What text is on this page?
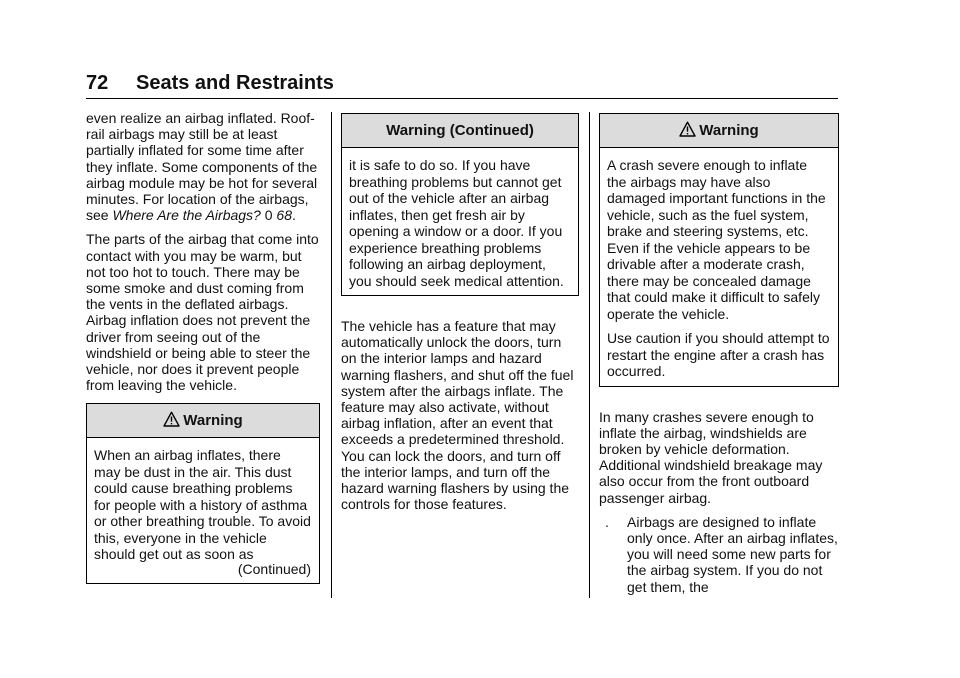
72 Seats and Restraints

even realize an airbag inflated. Roof-rail airbags may still be at least partially inflated for some time after they inflate. Some components of the airbag module may be hot for several minutes. For location of the airbags, see Where Are the Airbags? 0 68.

The parts of the airbag that come into contact with you may be warm, but not too hot to touch. There may be some smoke and dust coming from the vents in the deflated airbags. Airbag inflation does not prevent the driver from seeing out of the windshield or being able to steer the vehicle, nor does it prevent people from leaving the vehicle.

Warning
When an airbag inflates, there may be dust in the air. This dust could cause breathing problems for people with a history of asthma or other breathing trouble. To avoid this, everyone in the vehicle should get out as soon as
(Continued)
Warning (Continued)
it is safe to do so. If you have breathing problems but cannot get out of the vehicle after an airbag inflates, then get fresh air by opening a window or a door. If you experience breathing problems following an airbag deployment, you should seek medical attention.

The vehicle has a feature that may automatically unlock the doors, turn on the interior lamps and hazard warning flashers, and shut off the fuel system after the airbags inflate. The feature may also activate, without airbag inflation, after an event that exceeds a predetermined threshold. You can lock the doors, and turn off the interior lamps, and turn off the hazard warning flashers by using the controls for those features.

Warning

A crash severe enough to inflate the airbags may have also damaged important functions in the vehicle, such as the fuel system, brake and steering systems, etc. Even if the vehicle appears to be drivable after a moderate crash, there may be concealed damage that could make it difficult to safely operate the vehicle.

Use caution if you should attempt to restart the engine after a crash has occurred.

In many crashes severe enough to inflate the airbag, windshields are broken by vehicle deformation. Additional windshield breakage may also occur from the front outboard passenger airbag.

.	Airbags are designed to inflate only once. After an airbag inflates, you will need some new parts for the airbag system. If you do not get them, the
